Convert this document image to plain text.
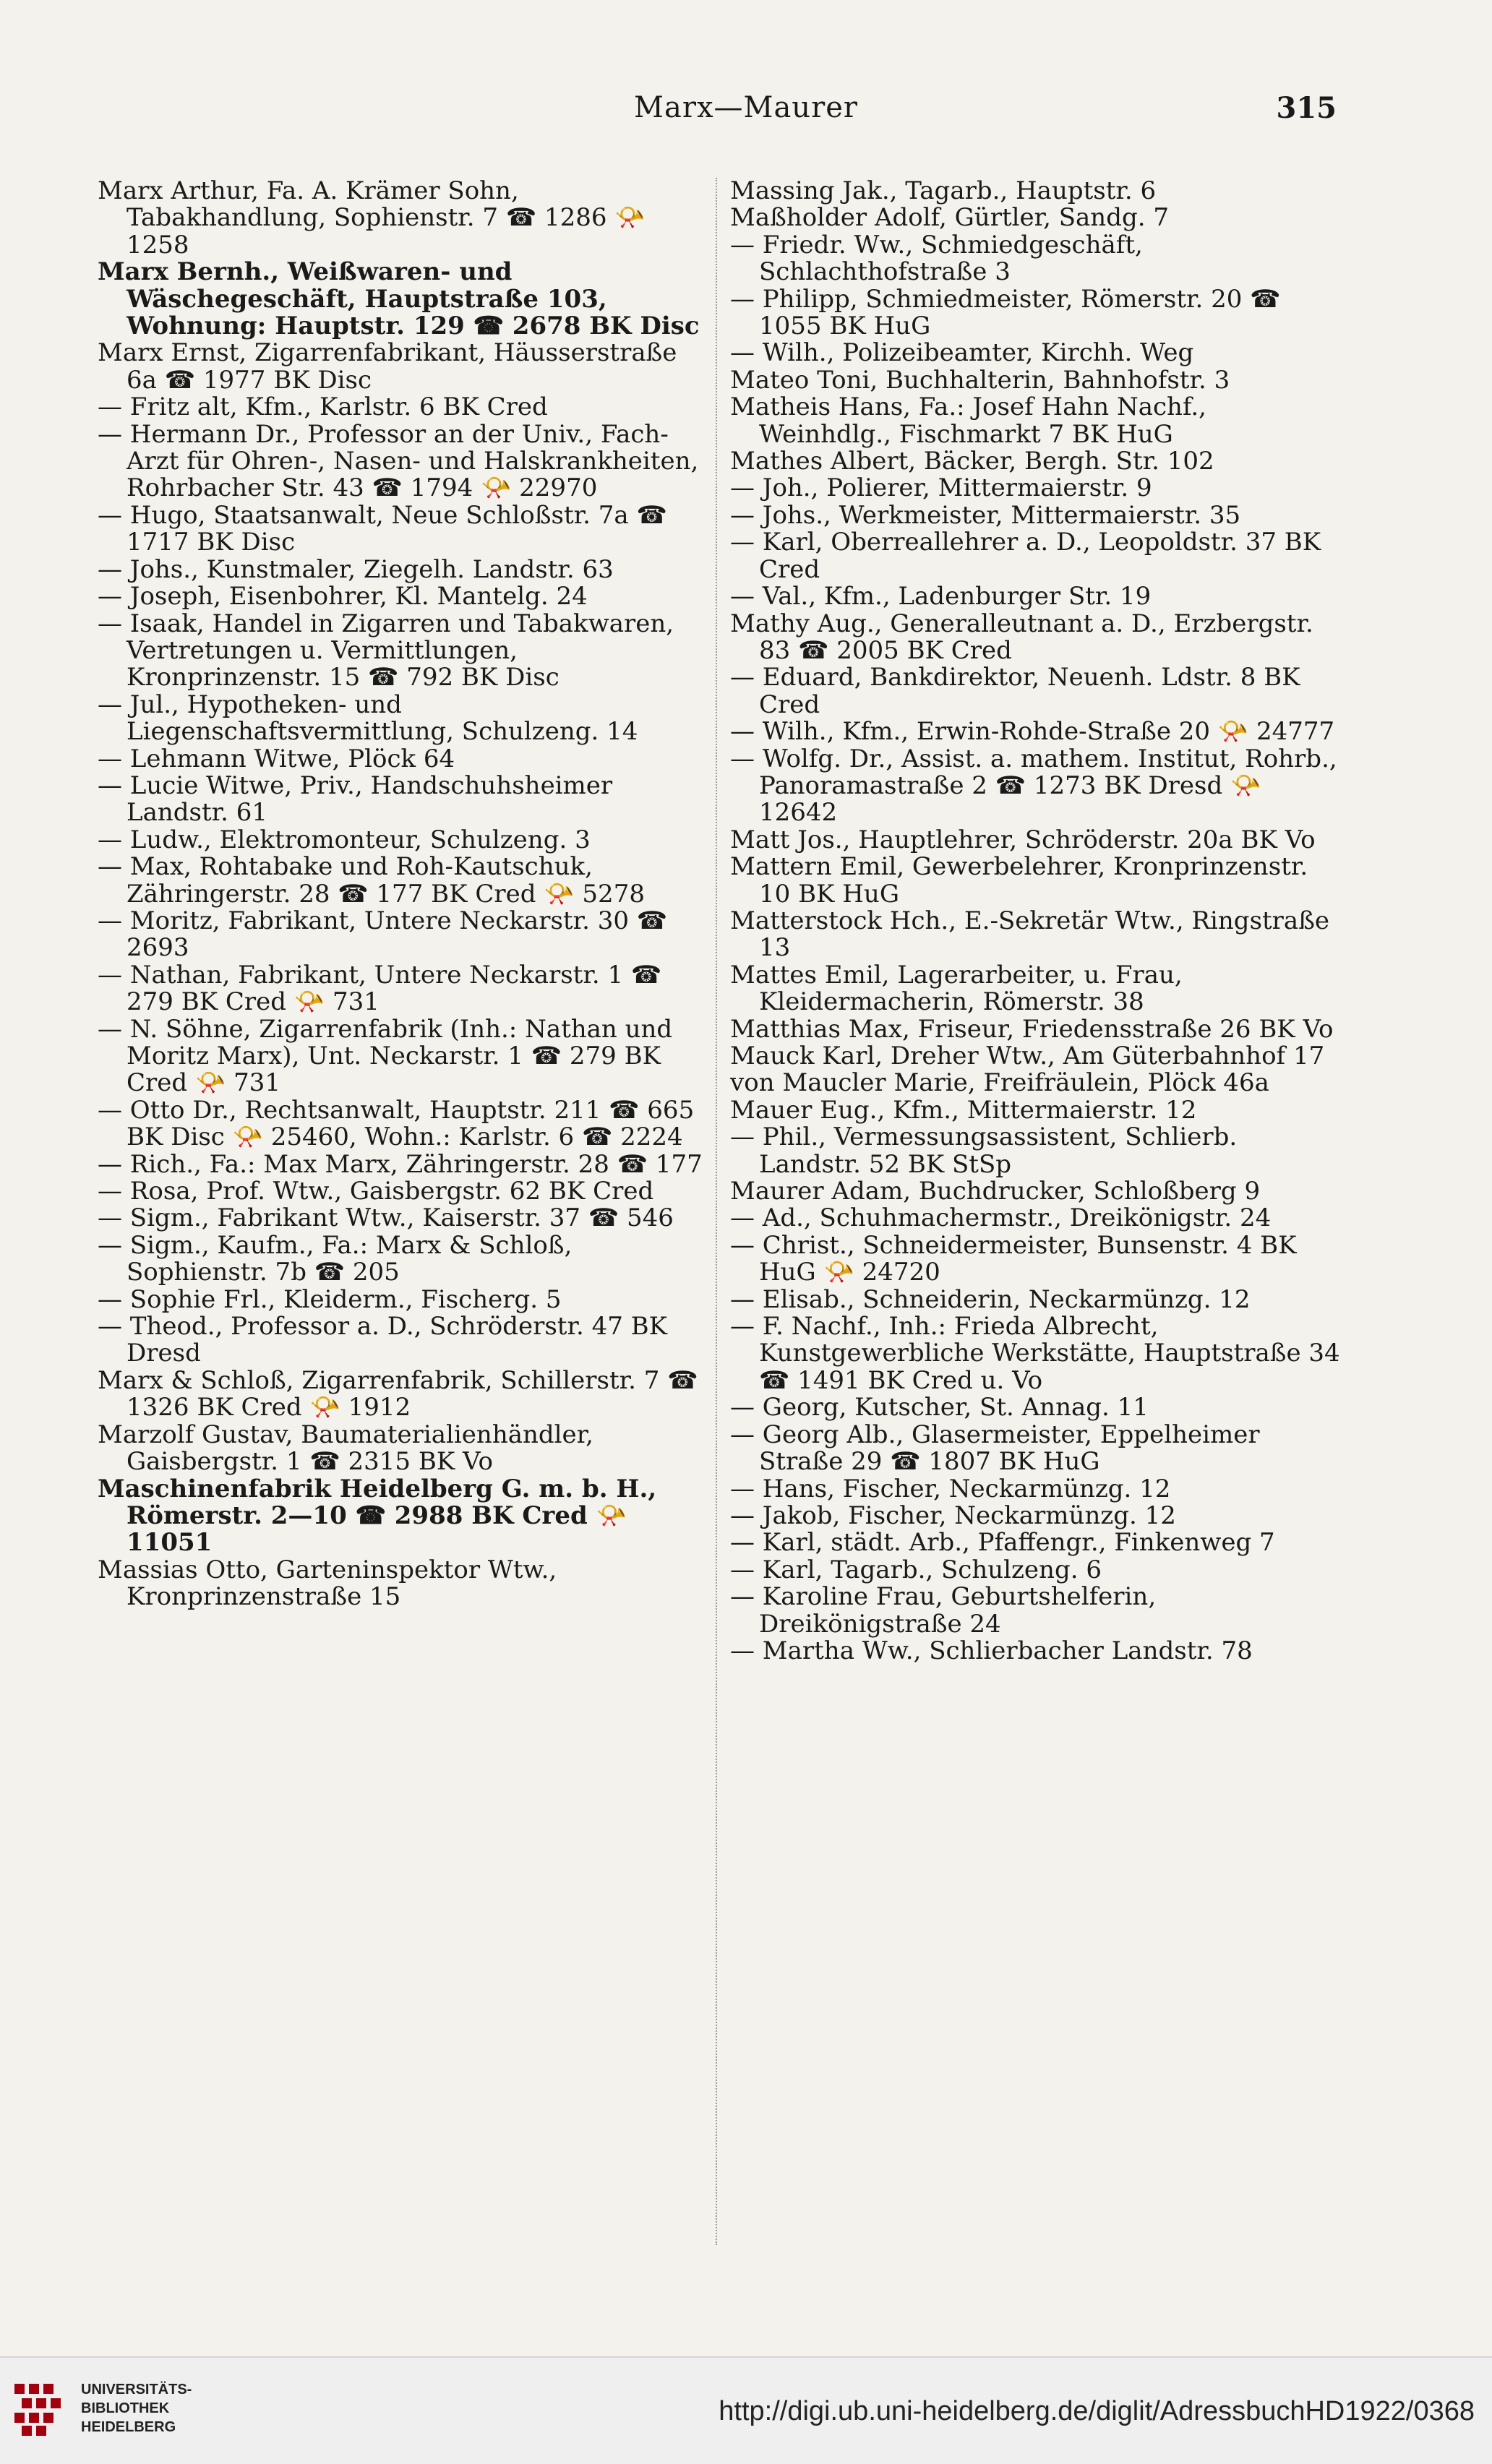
Marx—Maurer	315

Marx Arthur, Fa. A. Krämer Sohn, Tabakhandlung, Sophienstr. 7 ☎ 1286 📯 1258

Marx Bernh., Weißwaren- und Wäschegeschäft, Hauptstraße 103, Wohnung: Hauptstr. 129 ☎ 2678 BK Disc

Marx Ernst, Zigarrenfabrikant, Häusserstraße 6a ☎ 1977 BK Disc

— Fritz alt, Kfm., Karlstr. 6 BK Cred

— Hermann Dr., Professor an der Univ., Fach-Arzt für Ohren-, Nasen- und Halskrankheiten, Rohrbacher Str. 43 ☎ 1794 📯 22970

— Hugo, Staatsanwalt, Neue Schloßstr. 7a ☎ 1717 BK Disc

— Johs., Kunstmaler, Ziegelh. Landstr. 63

— Joseph, Eisenbohrer, Kl. Mantelg. 24

— Isaak, Handel in Zigarren und Tabakwaren, Vertretungen u. Vermittlungen, Kronprinzenstr. 15 ☎ 792 BK Disc

— Jul., Hypotheken- und Liegenschaftsvermittlung, Schulzeng. 14

— Lehmann Witwe, Plöck 64

— Lucie Witwe, Priv., Handschuhsheimer Landstr. 61

— Ludw., Elektromonteur, Schulzeng. 3

— Max, Rohtabake und Roh-Kautschuk, Zähringerstr. 28 ☎ 177 BK Cred 📯 5278

— Moritz, Fabrikant, Untere Neckarstr. 30 ☎ 2693

— Nathan, Fabrikant, Untere Neckarstr. 1 ☎ 279 BK Cred 📯 731

— N. Söhne, Zigarrenfabrik (Inh.: Nathan und Moritz Marx), Unt. Neckarstr. 1 ☎ 279 BK Cred 📯 731

— Otto Dr., Rechtsanwalt, Hauptstr. 211 ☎ 665 BK Disc 📯 25460, Wohn.: Karlstr. 6 ☎ 2224

— Rich., Fa.: Max Marx, Zähringerstr. 28 ☎ 177

— Rosa, Prof. Wtw., Gaisbergstr. 62 BK Cred

— Sigm., Fabrikant Wtw., Kaiserstr. 37 ☎ 546

— Sigm., Kaufm., Fa.: Marx & Schloß, Sophienstr. 7b ☎ 205

— Sophie Frl., Kleiderm., Fischerg. 5

— Theod., Professor a. D., Schröderstr. 47 BK Dresd

Marx & Schloß, Zigarrenfabrik, Schillerstr. 7 ☎ 1326 BK Cred 📯 1912

Marzolf Gustav, Baumaterialienhändler, Gaisbergstr. 1 ☎ 2315 BK Vo

Maschinenfabrik Heidelberg G. m. b. H., Römerstr. 2—10 ☎ 2988 BK Cred 📯 11051

Massias Otto, Garteninspektor Wtw., Kronprinzenstraße 15

Massing Jak., Tagarb., Hauptstr. 6

Maßholder Adolf, Gürtler, Sandg. 7

— Friedr. Ww., Schmiedgeschäft, Schlachthofstraße 3

— Philipp, Schmiedmeister, Römerstr. 20 ☎ 1055 BK HuG

— Wilh., Polizeibeamter, Kirchh. Weg

Mateo Toni, Buchhalterin, Bahnhofstr. 3

Matheis Hans, Fa.: Josef Hahn Nachf., Weinhdlg., Fischmarkt 7 BK HuG

Mathes Albert, Bäcker, Bergh. Str. 102

— Joh., Polierer, Mittermaierstr. 9

— Johs., Werkmeister, Mittermaierstr. 35

— Karl, Oberreallehrer a. D., Leopoldstr. 37 BK Cred

— Val., Kfm., Ladenburger Str. 19

Mathy Aug., Generalleutnant a. D., Erzbergstr. 83 ☎ 2005 BK Cred

— Eduard, Bankdirektor, Neuenh. Ldstr. 8 BK Cred

— Wilh., Kfm., Erwin-Rohde-Straße 20 📯 24777

— Wolfg. Dr., Assist. a. mathem. Institut, Rohrb., Panoramastraße 2 ☎ 1273 BK Dresd 📯 12642

Matt Jos., Hauptlehrer, Schröderstr. 20a BK Vo

Mattern Emil, Gewerbelehrer, Kronprinzenstr. 10 BK HuG

Matterstock Hch., E.-Sekretär Wtw., Ringstraße 13

Mattes Emil, Lagerarbeiter, u. Frau, Kleidermacherin, Römerstr. 38

Matthias Max, Friseur, Friedensstraße 26 BK Vo

Mauck Karl, Dreher Wtw., Am Güterbahnhof 17

von Maucler Marie, Freifräulein, Plöck 46a

Mauer Eug., Kfm., Mittermaierstr. 12

— Phil., Vermessungsassistent, Schlierb. Landstr. 52 BK StSp

Maurer Adam, Buchdrucker, Schloßberg 9

— Ad., Schuhmachermstr., Dreikönigstr. 24

— Christ., Schneidermeister, Bunsenstr. 4 BK HuG 📯 24720

— Elisab., Schneiderin, Neckarmünzg. 12

— F. Nachf., Inh.: Frieda Albrecht, Kunstgewerbliche Werkstätte, Hauptstraße 34 ☎ 1491 BK Cred u. Vo

— Georg, Kutscher, St. Annag. 11

— Georg Alb., Glasermeister, Eppelheimer Straße 29 ☎ 1807 BK HuG

— Hans, Fischer, Neckarmünzg. 12

— Jakob, Fischer, Neckarmünzg. 12

— Karl, städt. Arb., Pfaffengr., Finkenweg 7

— Karl, Tagarb., Schulzeng. 6

— Karoline Frau, Geburtshelferin, Dreikönigstraße 24

— Martha Ww., Schlierbacher Landstr. 78

UNIVERSITÄTS-
BIBLIOTHEK
HEIDELBERG

http://digi.ub.uni-heidelberg.de/diglit/AdressbuchHD1922/0368
